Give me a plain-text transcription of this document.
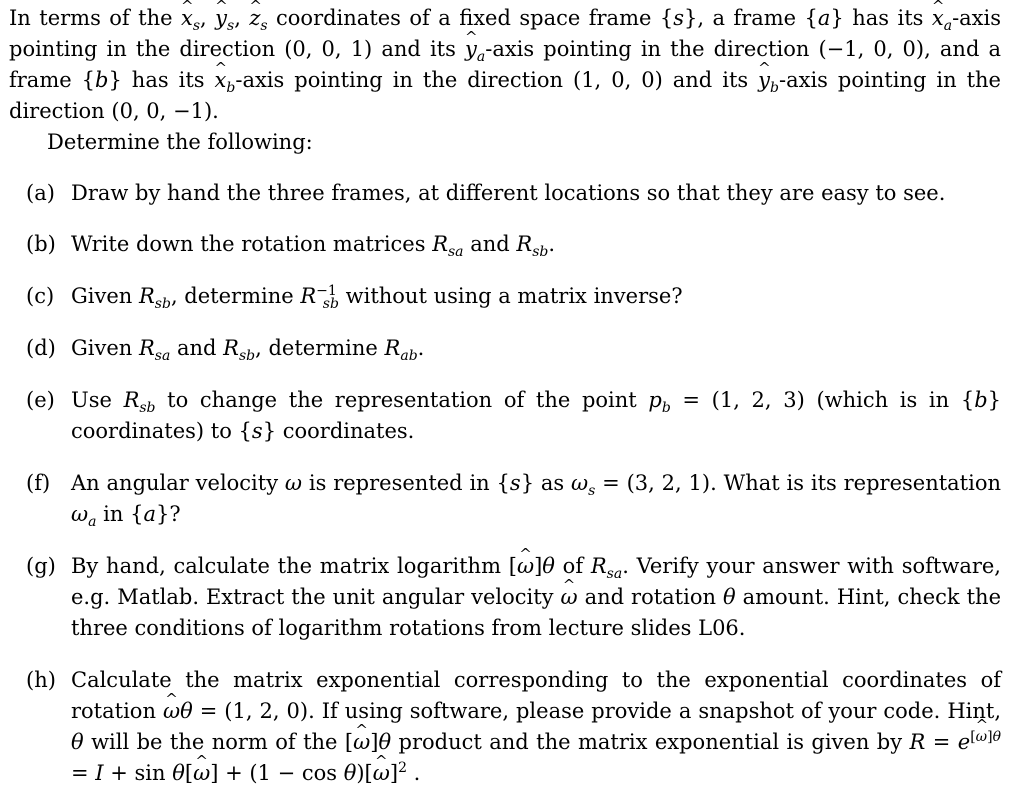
In terms of the ^ $x_s$, ^ $y_s$, ^ $z_s$ coordinates of a fixed space frame {s}, a frame {a} has its ^ $x_a$-axis pointing in the direction (0, 0, 1) and its ^ $y_a$-axis pointing in the direction (−1, 0, 0), and a frame {b} has its ^ $x_b$-axis pointing in the direction (1, 0, 0) and its ^ $y_b$-axis pointing in the direction (0, 0, −1).

Determine the following:

(a) Draw by hand the three frames, at different locations so that they are easy to see.
(b) Write down the rotation matrices $R_{sa}$ and $R_{sb}$.
(c) Given $R_{sb}$, determine $R^{-1}_{sb}$ without using a matrix inverse?
(d) Given $R_{sa}$ and $R_{sb}$, determine $R_{ab}$.
(e) Use $R_{sb}$ to change the representation of the point $p_b = (1$, 2, 3) (which is in {b} coordinates) to {s} coordinates.
(f) An angular velocity ω is represented in {s} as $\omega_s = (3$, 2, 1). What is its representation $\omega_a$ in {a}?
(g) By hand, calculate the matrix logarithm [^ ω]θ of $R_{sa}$. Verify your answer with software, e.g. Matlab. Extract the unit angular velocity ^ ω and rotation θ amount. Hint, check the three conditions of logarithm rotations from lecture slides L06.
(h) Calculate the matrix exponential corresponding to the exponential coordinates of rotation ^ ωθ = (1, 2, 0). If using software, please provide a snapshot of your code. Hint, θ will be the norm of the [^ ω]θ product and the matrix exponential is given by $R = e^{[\omega]\theta} = I + \sin$ θ[^ ω] + (1 − cos θ)[^ ω]$^2$ .
